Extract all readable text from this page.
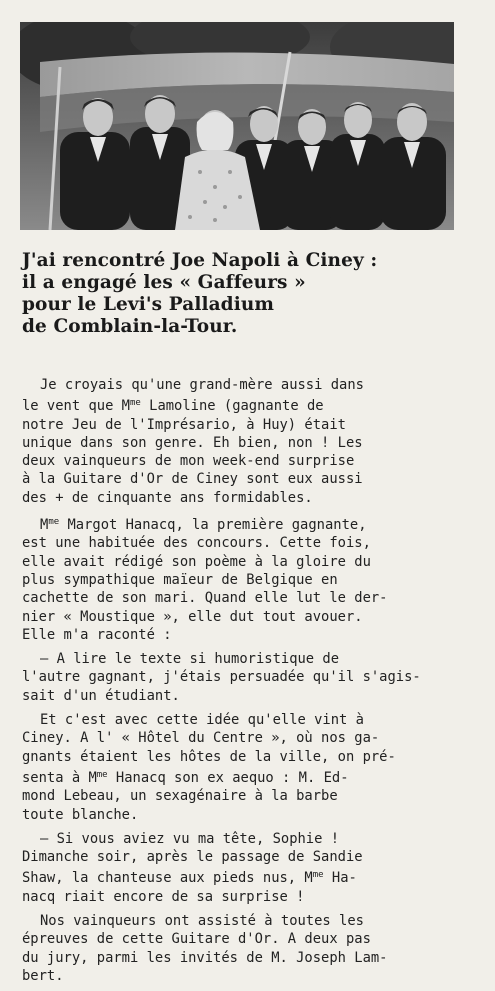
J'ai rencontré Joe Napoli à Ciney :
il a engagé les « Gaffeurs »
pour le Levi's Palladium
de Comblain-la-Tour.
Je croyais qu'une grand-mère aussi dans
le vent que $M^{me}$ Lamoline (gagnante de
notre Jeu de l'Imprésario, à Huy) était
unique dans son genre. Eh bien, non ! Les
deux vainqueurs de mon week-end surprise
à la Guitare d'Or de Ciney sont eux aussi
des + de cinquante ans formidables.
$M^{me}$ Margot Hanacq, la première gagnante,
est une habituée des concours. Cette fois,
elle avait rédigé son poème à la gloire du
plus sympathique maïeur de Belgique en
cachette de son mari. Quand elle lut le der-
nier « Moustique », elle dut tout avouer.
Elle m'a raconté :
— A lire le texte si humoristique de
l'autre gagnant, j'étais persuadée qu'il s'agis-
sait d'un étudiant.
Et c'est avec cette idée qu'elle vint à
Ciney. A l' « Hôtel du Centre », où nos ga-
gnants étaient les hôtes de la ville, on pré-
senta à $M^{me}$ Hanacq son ex aequo : M. Ed-
mond Lebeau, un sexagénaire à la barbe
toute blanche.
— Si vous aviez vu ma tête, Sophie !
Dimanche soir, après le passage de Sandie
Shaw, la chanteuse aux pieds nus, $M^{me}$ Ha-
nacq riait encore de sa surprise !
Nos vainqueurs ont assisté à toutes les
épreuves de cette Guitare d'Or. A deux pas
du jury, parmi les invités de M. Joseph Lam-
bert.
